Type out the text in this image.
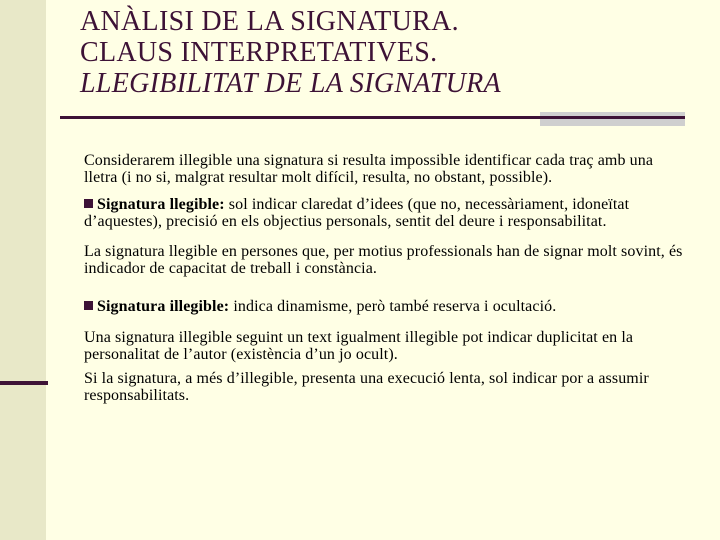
ANÀLISI DE LA SIGNATURA.
CLAUS INTERPRETATIVES.
LLEGIBILITAT DE LA SIGNATURA

Considerarem illegible una signatura si resulta impossible identificar cada traç amb una lletra (i no si, malgrat resultar molt difícil, resulta, no obstant, possible).

Signatura llegible: sol indicar claredat d’idees (que no, necessàriament, idoneïtat d’aquestes), precisió en els objectius personals, sentit del deure i responsabilitat.

La signatura llegible en persones que, per motius professionals han de signar molt sovint, és indicador de capacitat de treball i constància.

Signatura illegible: indica dinamisme, però també reserva i ocultació.

Una signatura illegible seguint un text igualment illegible pot indicar duplicitat en la personalitat de l’autor (existència d’un jo ocult).

Si la signatura, a més d’illegible, presenta una execució lenta, sol indicar por a assumir responsabilitats.
